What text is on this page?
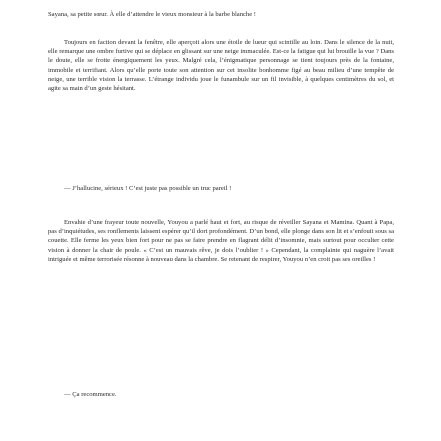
Sayana, sa petite sœur. À elle d’attendre le vieux monsieur à la barbe blanche !

Toujours en faction devant la fenêtre, elle aperçoit alors une étoile de lueur qui scintille au loin. Dans le silence de la nuit, elle remarque une ombre furtive qui se déplace en glissant sur une neige immaculée. Est-ce la fatigue qui lui brouille la vue ? Dans le doute, elle se frotte énergiquement les yeux. Malgré cela, l’énigmatique personnage se tient toujours près de la fontaine, immobile et terrifiant. Alors qu’elle porte toute son attention sur cet insolite bonhomme figé au beau milieu d’une tempête de neige, une terrible vision la terrasse. L’étrange individu joue le funambule sur un fil invisible, à quelques centimètres du sol, et agite sa main d’un geste hésitant.

— J’hallucine, sérieux ! C’est juste pas possible un truc pareil !

Envahie d’une frayeur toute nouvelle, Youyou a parlé haut et fort, au risque de réveiller Sayana et Mamina. Quant à Papa, pas d’inquiétudes, ses ronflements laissent espérer qu’il dort profondément. D’un bond, elle plonge dans son lit et s’enfouit sous sa couette. Elle ferme les yeux bien fort pour ne pas se faire prendre en flagrant délit d’insomnie, mais surtout pour occulter cette vision à donner la chair de poule. « C’est un mauvais rêve, je dois l’oublier ! » Cependant, la complainte qui naguère l’avait intriguée et même terrorisée résonne à nouveau dans la chambre. Se retenant de respirer, Youyou n’en croit pas ses oreilles !

— Ça recommence.
